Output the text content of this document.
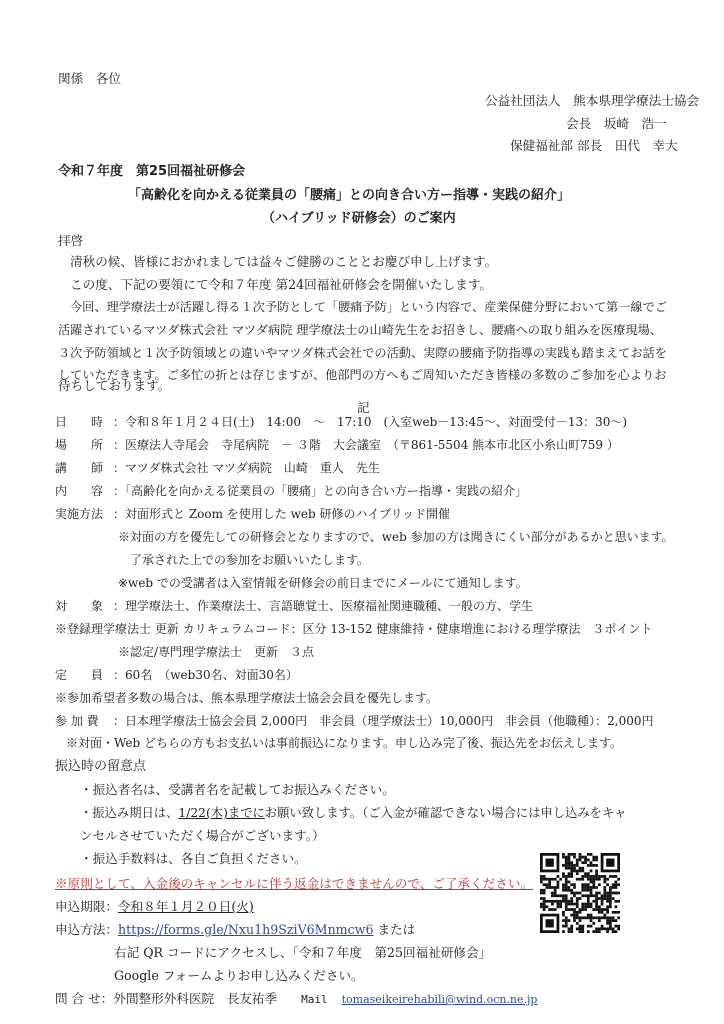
関係　各位
公益社団法人　熊本県理学療法士協会
会長　坂崎　浩一
保健福祉部 部長　田代　幸大
令和７年度　第25回福祉研修会
「高齢化を向かえる従業員の「腰痛」との向き合い方ー指導・実践の紹介」
（ハイブリッド研修会）のご案内
拝啓
清秋の候、皆様におかれましては益々ご健勝のこととお慶び申し上げます。
この度、下記の要領にて令和７年度 第24回福祉研修会を開催いたします。
今回、理学療法士が活躍し得る１次予防として「腰痛予防」という内容で、産業保健分野において第一線でご
活躍されているマツダ株式会社 マツダ病院 理学療法士の山崎先生をお招きし、腰痛への取り組みを医療現場、
３次予防領域と１次予防領域との違いやマツダ株式会社での活動、実際の腰痛予防指導の実践も踏まえてお話を
していただきます。ご多忙の折とは存じますが、他部門の方へもご周知いただき皆様の多数のご参加を心よりお
待ちしております。
記
日　　時 ：令和８年１月２４日(土)　14:00　～　17:10　(入室web－13:45～、対面受付－13：30～)
場　　所 ：医療法人寺尾会　寺尾病院　－ ３階　大会議室　（〒861-5504 熊本市北区小糸山町759 ）
講　　師 ：マツダ株式会社 マツダ病院　山崎　重人　先生
内　　容 ：「高齢化を向かえる従業員の「腰痛」との向き合い方ー指導・実践の紹介」
実施方法 ：対面形式と Zoom を使用した web 研修のハイブリッド開催
※対面の方を優先しての研修会となりますので、web 参加の方は聞きにくい部分があるかと思います。
了承された上での参加をお願いいたします。
※web での受講者は入室情報を研修会の前日までにメールにて通知します。
対　　象 ：理学療法士、作業療法士、言語聴覚士、医療福祉関連職種、一般の方、学生
※登録理学療法士 更新 カリキュラムコード：区分 13-152 健康維持・健康増進における理学療法　３ポイント
※認定/専門理学療法士　更新　３点
定　　員 ：60名　（web30名、対面30名）
※参加希望者多数の場合は、熊本県理学療法士協会会員を優先します。
参 加 費 ：日本理学療法士協会会員 2,000円　非会員（理学療法士）10,000円　非会員（他職種）：2,000円
※対面・Web どちらの方もお支払いは事前振込になります。申し込み完了後、振込先をお伝えします。
振込時の留意点
・振込者名は、受講者名を記載してお振込みください。
・振込み期日は、1/22(木)までにお願い致します。（ご入金が確認できない場合には申し込みをキャ
ンセルさせていただく場合がございます。）
・振込手数料は、各自ご負担ください。
※原則として、入金後のキャンセルに伴う返金はできませんので、ご了承ください。
申込期限：令和８年１月２０日(火)
申込方法：https://forms.gle/Nxu1h9SziV6Mnmcw6 または
右記 QR コードにアクセスし、「令和７年度　第25回福祉研修会」
Google フォームよりお申し込みください。
問 合 せ：外間整形外科医院　長友祐季 Mail tomaseikeirehabili@wind.ocn.ne.jp
